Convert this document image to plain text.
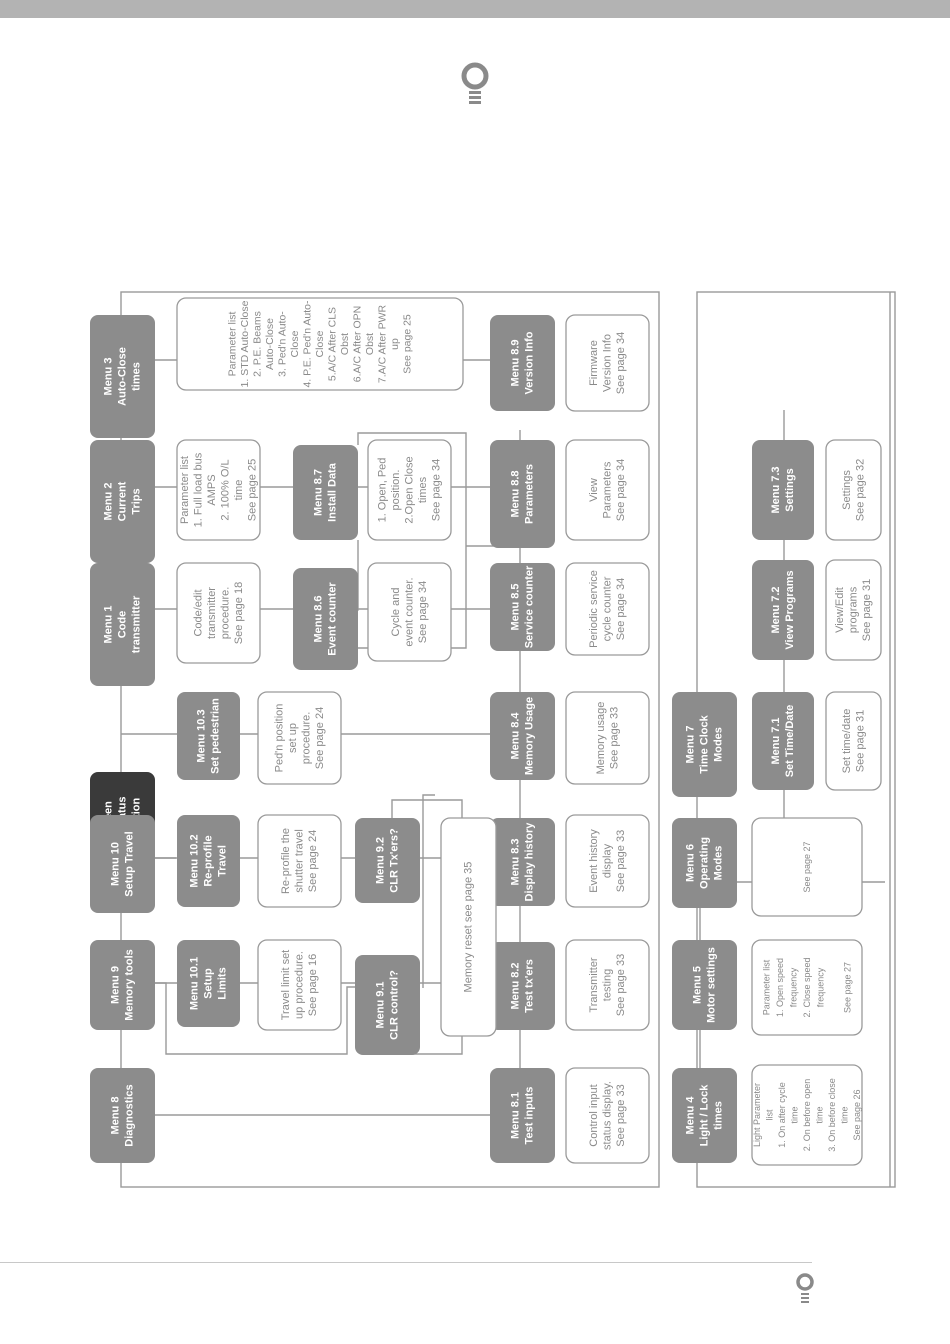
Menu 1 Code transmitter
Menu 2 Current Trips
Menu 3 Auto-Close times
Menu 8 Diagnostics
Menu 9 Memory tools
Menu 10 Setup Travel
Menu 10.1 Setup Limits
Menu 10.2 Re-profile Travel
Menu 10.3 Set pedestrian
Menu 9.1 CLR control?
Menu 9.2 CLR Tx'ers?
Menu 8.6 Event counter
Menu 8.7 Install Data
Menu 8.1 Test inputs
Menu 8.2 Test tx'ers
Menu 8.3 Display history
Menu 8.4 Memory Usage
Menu 8.5 Service counter
Menu 8.8 Parameters
Menu 8.9 Version Info
Menu 4 Light / Lock times
Menu 5 Motor settings
Menu 6 Operating Modes
Menu 7 Time Clock Modes	Menu 7.1 Set Time/Date
Menu 7.2 View Programs
Menu 7.3 Settings
Code/edit transmitter procedure. See page 18
Parameter list 1. Full load bus AMPS 2. 100% O/L time See page 25
Parameter list 1. STD Auto-Close 2. P.E. Beams Auto-Close 3. Ped'n Auto- Close 4. P.E. Ped'n Auto- Close 5.A/C After CLS Obst 6.A/C After OPN Obst 7.A/C After PWR up See page 25
Travel limit set up procedure. See page 16
Re-profile the shutter travel See page 24
Ped'n position set up procedure. See page 24
Cycle and event counter. See page 34
1. Open, Ped position. 2.Open Close times See page 34
Memory reset see page 35
Control input status display. See page 33
Transmitter testing See page 33
Event history display See page 33
Memory usage See page 33
Periodic service cycle counter See page 34
View Parameters See page 34
Firmware Version Info See page 34
Light Parameter list 1. On after cycle time 2. On before open time 3. On before close time See page 26
Parameter list 1. Open speed frequency 2. Close speed frequency See page 27
See page 27
Set time/date See page 31
View/Edit programs See page 31
Settings See page 32
